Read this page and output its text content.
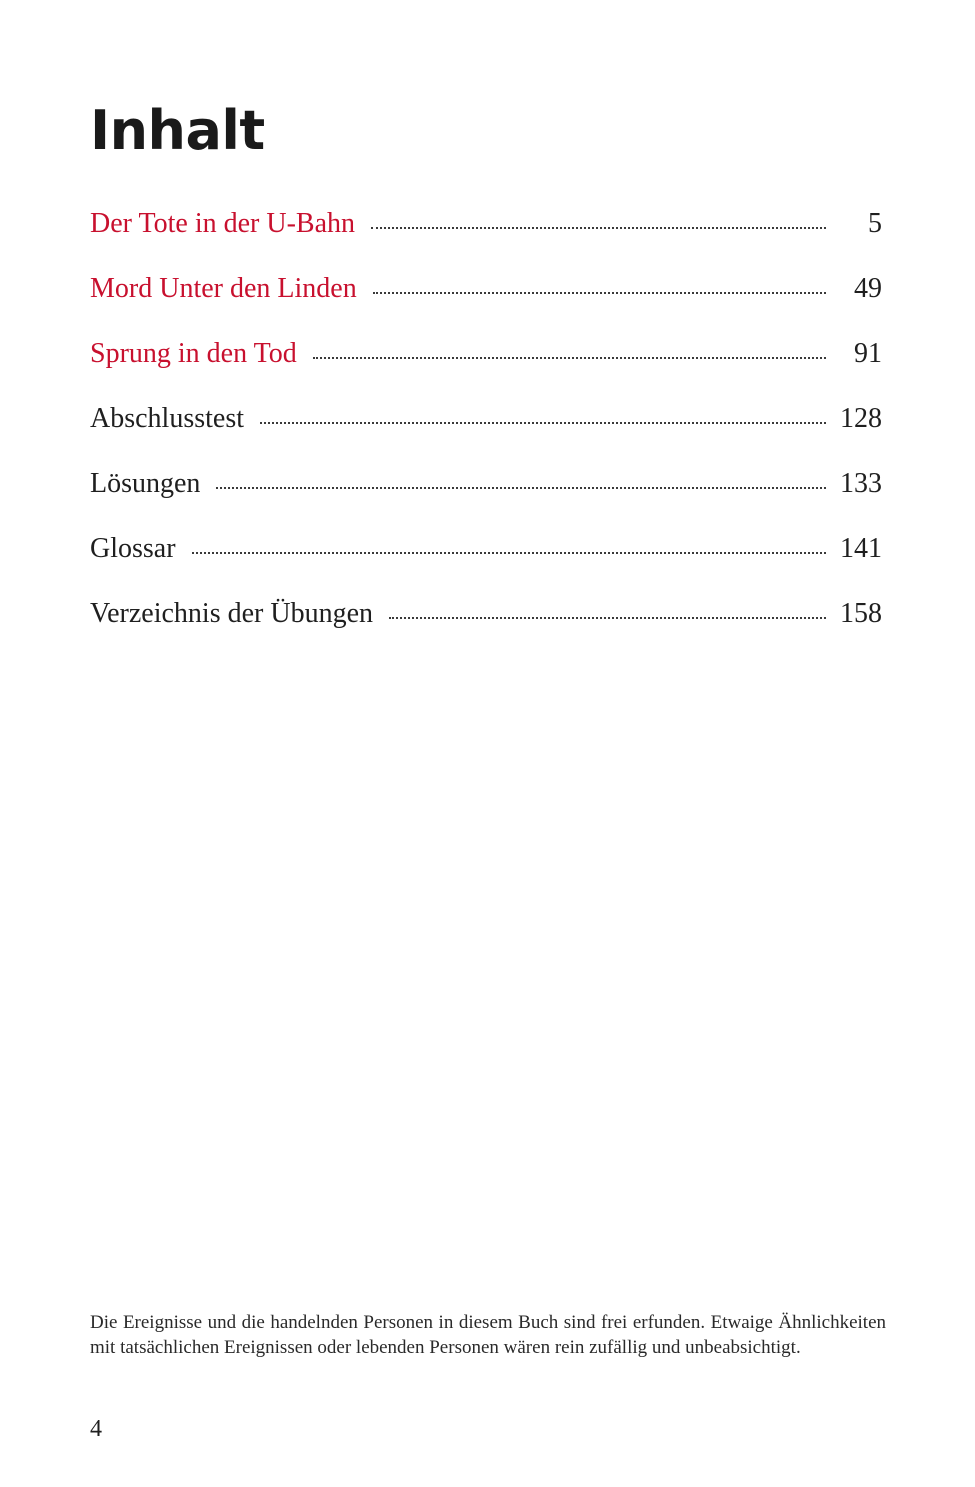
Inhalt
Der Tote in der U-Bahn	5
Mord Unter den Linden	49
Sprung in den Tod	91
Abschlusstest	128
Lösungen	133
Glossar	141
Verzeichnis der Übungen	158

Die Ereignisse und die handelnden Personen in diesem Buch sind frei erfunden. Etwaige Ähnlichkeiten mit tatsächlichen Ereignissen oder lebenden Personen wären rein zufällig und unbeabsichtigt.

4
